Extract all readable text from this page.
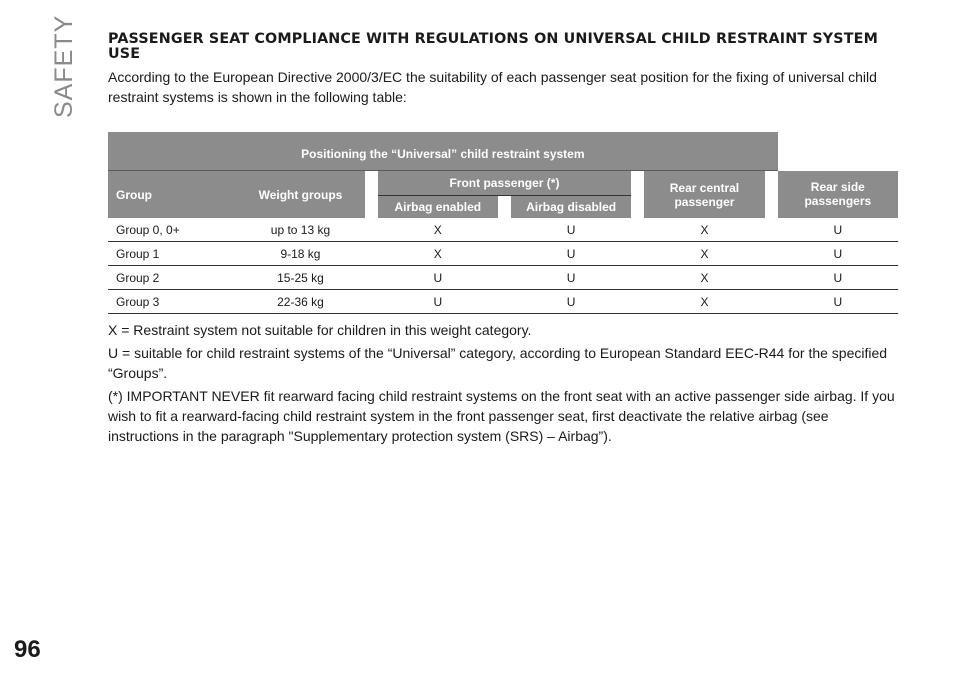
SAFETY
96
PASSENGER SEAT COMPLIANCE WITH REGULATIONS ON UNIVERSAL CHILD RESTRAINT SYSTEM USE

According to the European Directive 2000/3/EC the suitability of each passenger seat position for the fixing of universal child restraint systems is shown in the following table:

Positioning the “Universal” child restraint system									
Group	Weight groups		Front passenger (*)				Rear central passenger		Rear side passengers
			Airbag enabled		Airbag disabled				

Group 0, 0+	up to 13 kg		X		U		X		U
Group 1	9-18 kg		X		U		X		U
Group 2	15-25 kg		U		U		X		U
Group 3	22-36 kg		U		U		X		U

X = Restraint system not suitable for children in this weight category.

U = suitable for child restraint systems of the “Universal” category, according to European Standard EEC-R44 for the specified “Groups”.

(*) IMPORTANT NEVER fit rearward facing child restraint systems on the front seat with an active passenger side airbag. If you wish to fit a rearward-facing child restraint system in the front passenger seat, first deactivate the relative airbag (see instructions in the paragraph "Supplementary protection system (SRS) – Airbag”).
